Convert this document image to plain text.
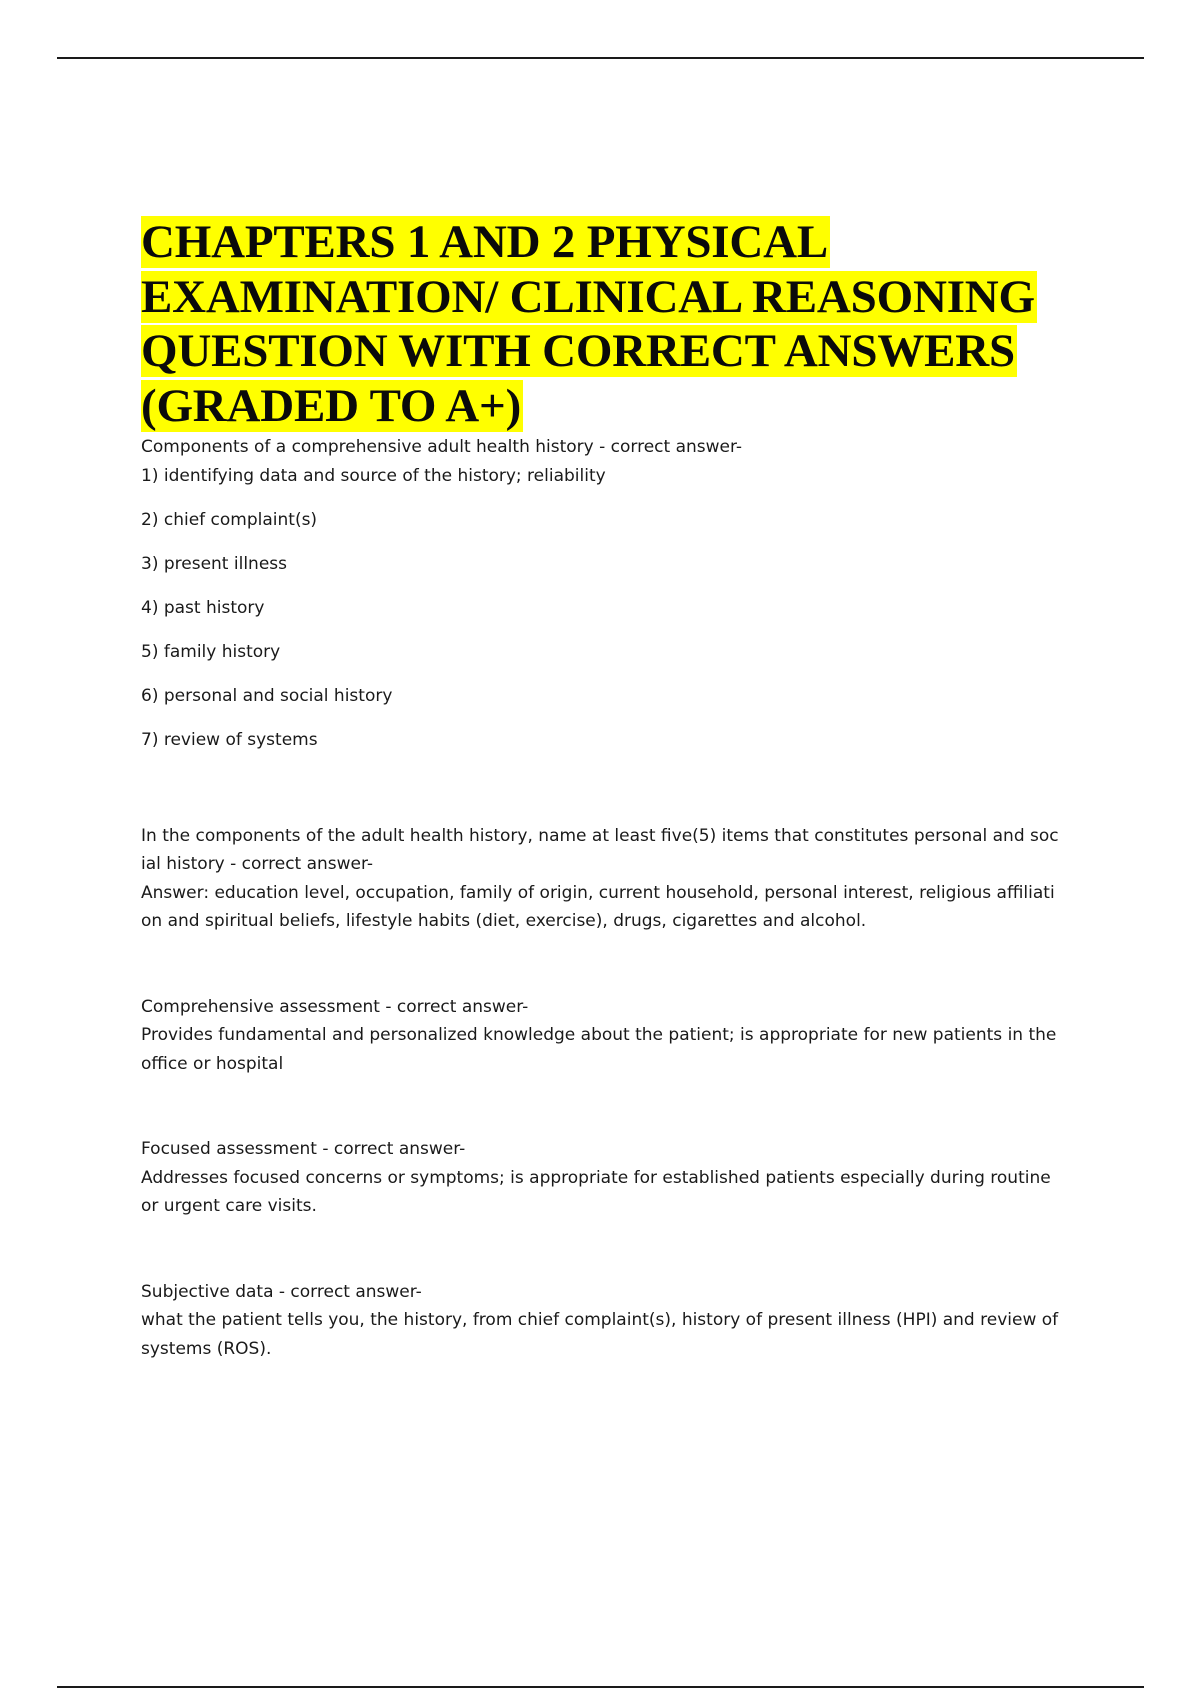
CHAPTERS 1 AND 2 PHYSICAL EXAMINATION/ CLINICAL REASONING QUESTION WITH CORRECT ANSWERS (GRADED TO A+)

Components of a comprehensive adult health history - correct answer-

1) identifying data and source of the history; reliability

2) chief complaint(s)

3) present illness

4) past history

5) family history

6) personal and social history

7) review of systems

In the components of the adult health history, name at least five(5) items that constitutes personal and social history - correct answer-

Answer: education level, occupation, family of origin, current household, personal interest, religious affiliation and spiritual beliefs, lifestyle habits (diet, exercise), drugs, cigarettes and alcohol.

Comprehensive assessment - correct answer-

Provides fundamental and personalized knowledge about the patient; is appropriate for new patients in the office or hospital

Focused assessment - correct answer-

Addresses focused concerns or symptoms; is appropriate for established patients especially during routine or urgent care visits.

Subjective data - correct answer-

what the patient tells you, the history, from chief complaint(s), history of present illness (HPI) and review of systems (ROS).
